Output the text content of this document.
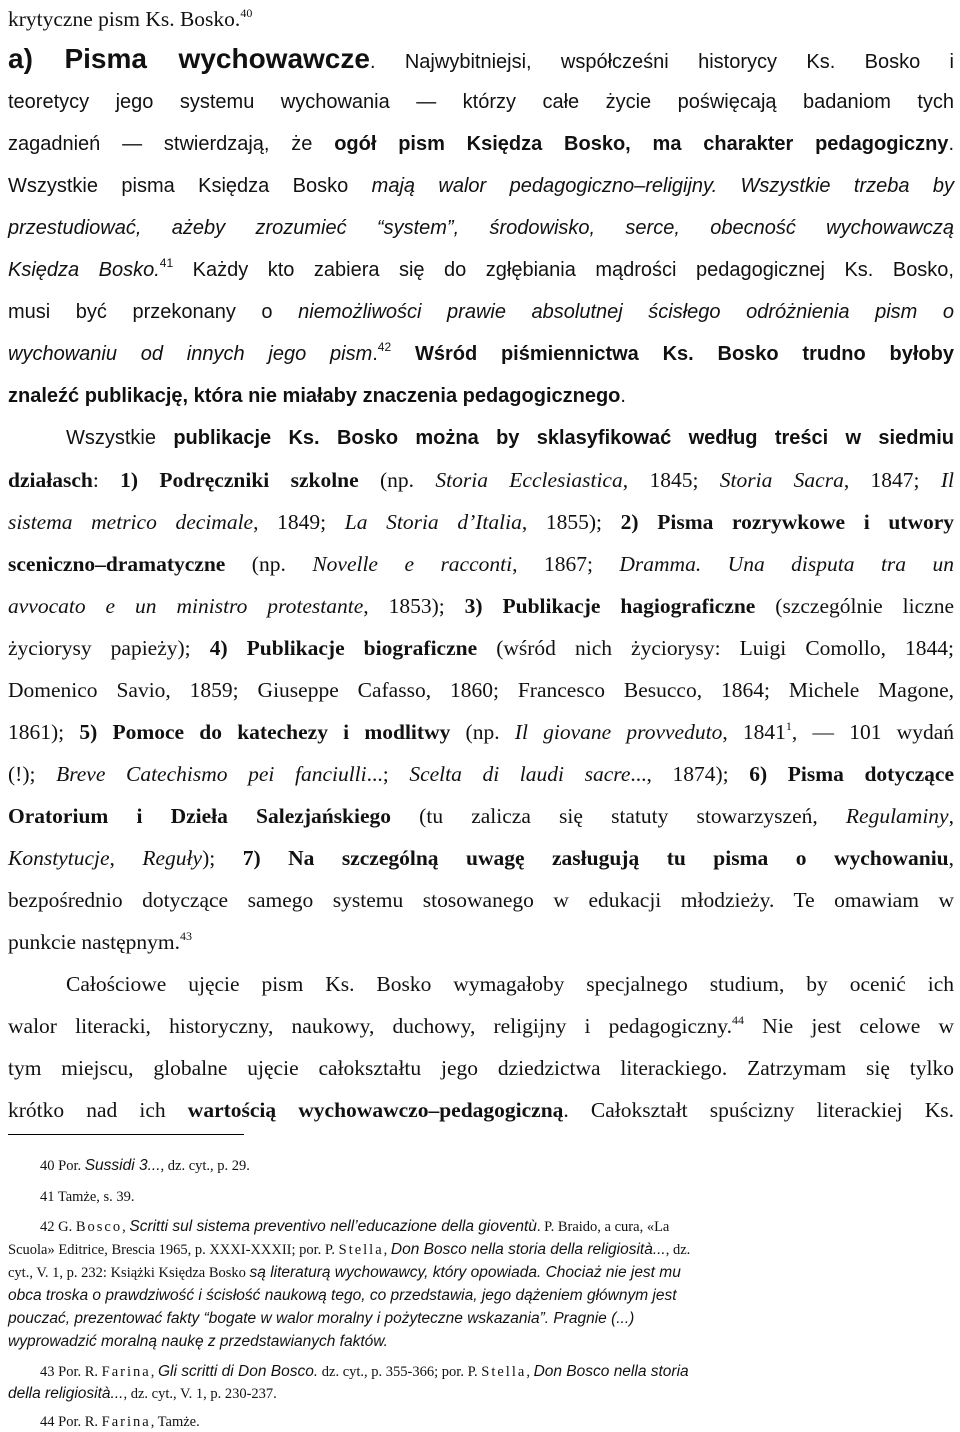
krytyczne pism Ks. Bosko.$^{40}$
a) Pisma wychowawcze. Najwybitniejsi, współcześni historycy Ks. Bosko i
teoretycy jego systemu wychowania — którzy całe życie poświęcają badaniom tych
zagadnień — stwierdzają, że ogół pism Księdza Bosko, ma charakter pedagogiczny.
Wszystkie pisma Księdza Bosko mają walor pedagogiczno–religijny. Wszystkie trzeba by
przestudiować, ażeby zrozumieć “system”, środowisko, serce, obecność wychowawczą
Księdza Bosko.$^{41}$ Każdy kto zabiera się do zgłębiania mądrości pedagogicznej Ks. Bosko,
musi być przekonany o niemożliwości prawie absolutnej ścisłego odróżnienia pism o
wychowaniu od innych jego pism.$^{42}$ Wśród piśmiennictwa Ks. Bosko trudno byłoby
znaleźć publikację, która nie miałaby znaczenia pedagogicznego.
Wszystkie publikacje Ks. Bosko można by sklasyfikować według treści w siedmiu
działasch: 1) Podręczniki szkolne (np. Storia Ecclesiastica, 1845; Storia Sacra, 1847; Il
sistema metrico decimale, 1849; La Storia d’Italia, 1855); 2) Pisma rozrywkowe i utwory
sceniczno–dramatyczne (np. Novelle e racconti, 1867; Dramma. Una disputa tra un
avvocato e un ministro protestante, 1853); 3) Publikacje hagiograficzne (szczególnie liczne
życiorysy papieży); 4) Publikacje biograficzne (wśród nich życiorysy: Luigi Comollo, 1844;
Domenico Savio, 1859; Giuseppe Cafasso, 1860; Francesco Besucco, 1864; Michele Magone,
1861); 5) Pomoce do katechezy i modlitwy (np. Il giovane provveduto, 1841$^1$, — 101 wydań
(!); Breve Catechismo pei fanciulli...; Scelta di laudi sacre..., 1874); 6) Pisma dotyczące
Oratorium i Dzieła Salezjańskiego (tu zalicza się statuty stowarzyszeń, Regulaminy,
Konstytucje, Reguły); 7) Na szczególną uwagę zasługują tu pisma o wychowaniu,
bezpośrednio dotyczące samego systemu stosowanego w edukacji młodzieży. Te omawiam w
punkcie następnym.$^{43}$
Całościowe ujęcie pism Ks. Bosko wymagałoby specjalnego studium, by ocenić ich
walor literacki, historyczny, naukowy, duchowy, religijny i pedagogiczny.$^{44}$ Nie jest celowe w
tym miejscu, globalne ujęcie całokształtu jego dziedzictwa literackiego. Zatrzymam się tylko
krótko nad ich wartością wychowawczo–pedagogiczną. Całokształt spuścizny literackiej Ks.
40 Por. Sussidi 3..., dz. cyt., p. 29.
41 Tamże, s. 39.
42 G. Bosco, Scritti sul sistema preventivo nell’educazione della gioventù. P. Braido, a cura, «La
Scuola» Editrice, Brescia 1965, p. XXXI-XXXII; por. P. Stella, Don Bosco nella storia della religiosità..., dz.
cyt., V. 1, p. 232: Książki Księdza Bosko są literaturą wychowawcy, który opowiada. Chociaż nie jest mu
obca troska o prawdziwość i ścisłość naukową tego, co przedstawia, jego dążeniem głównym jest
pouczać, prezentować fakty “bogate w walor moralny i pożyteczne wskazania”. Pragnie (...)
wyprowadzić moralną naukę z przedstawianych faktów.
43 Por. R. Farina, Gli scritti di Don Bosco. dz. cyt., p. 355-366; por. P. Stella, Don Bosco nella storia
della religiosità..., dz. cyt., V. 1, p. 230-237.
44 Por. R. Farina, Tamże.
